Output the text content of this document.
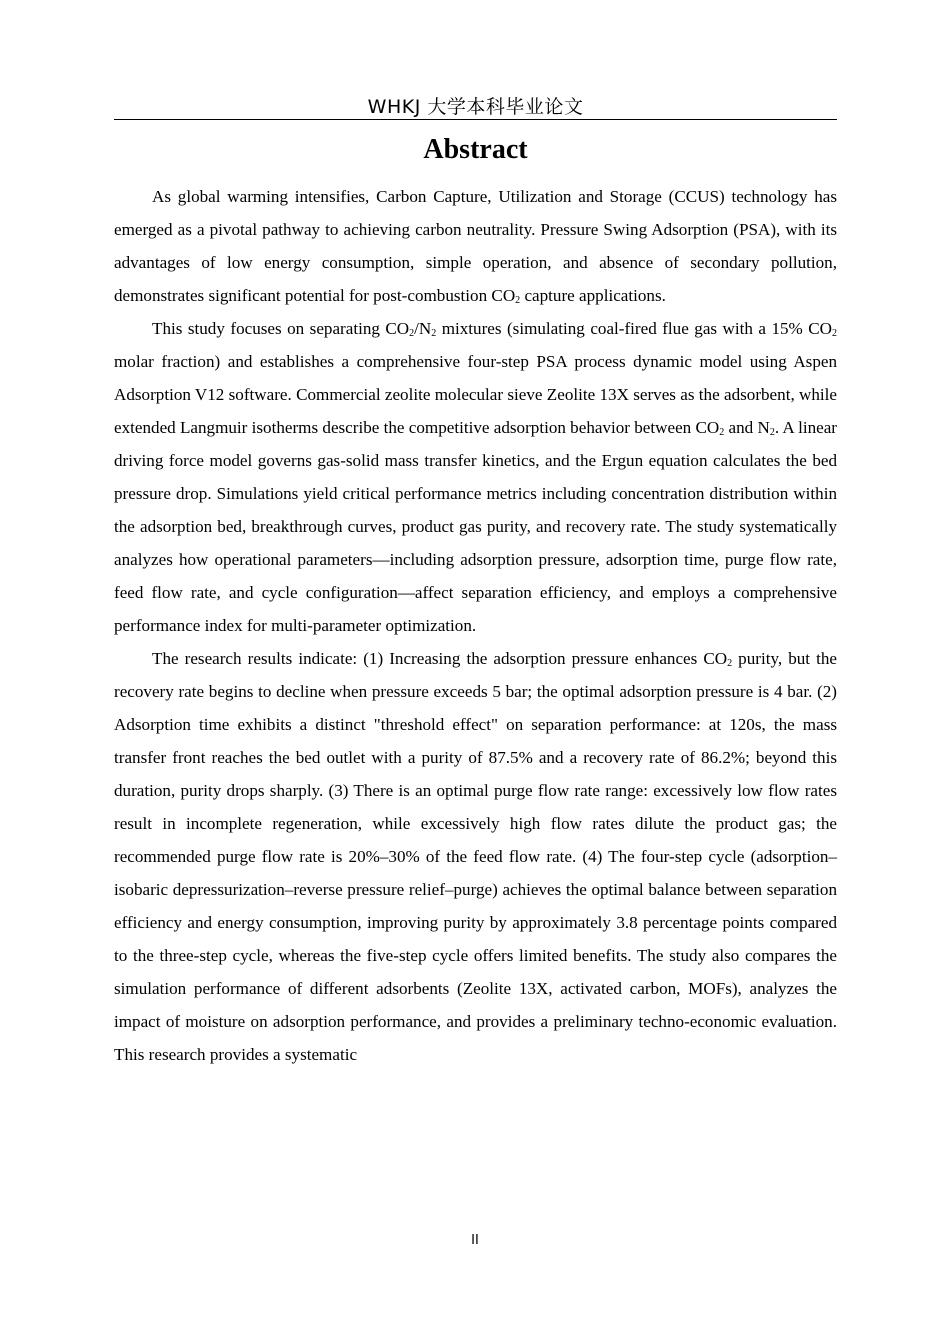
WHKJ 大学本科毕业论文
Abstract

As global warming intensifies, Carbon Capture, Utilization and Storage (CCUS) technology has emerged as a pivotal pathway to achieving carbon neutrality. Pressure Swing Adsorption (PSA), with its advantages of low energy consumption, simple operation, and absence of secondary pollution, demonstrates significant potential for post-combustion $CO_2$ capture applications.

This study focuses on separating $CO_2/N_2$ mixtures (simulating coal-fired flue gas with a 15% $CO_2$ molar fraction) and establishes a comprehensive four-step PSA process dynamic model using Aspen Adsorption V12 software. Commercial zeolite molecular sieve Zeolite 13X serves as the adsorbent, while extended Langmuir isotherms describe the competitive adsorption behavior between $CO_2$ and $N_2$. A linear driving force model governs gas-solid mass transfer kinetics, and the Ergun equation calculates the bed pressure drop. Simulations yield critical performance metrics including concentration distribution within the adsorption bed, breakthrough curves, product gas purity, and recovery rate. The study systematically analyzes how operational parameters—including adsorption pressure, adsorption time, purge flow rate, feed flow rate, and cycle configuration—affect separation efficiency, and employs a comprehensive performance index for multi-parameter optimization.

The research results indicate: (1) Increasing the adsorption pressure enhances $CO_2$ purity, but the recovery rate begins to decline when pressure exceeds 5 bar; the optimal adsorption pressure is 4 bar. (2) Adsorption time exhibits a distinct "threshold effect" on separation performance: at 120s, the mass transfer front reaches the bed outlet with a purity of 87.5% and a recovery rate of 86.2%; beyond this duration, purity drops sharply. (3) There is an optimal purge flow rate range: excessively low flow rates result in incomplete regeneration, while excessively high flow rates dilute the product gas; the recommended purge flow rate is 20%–30% of the feed flow rate. (4) The four-step cycle (adsorption–isobaric depressurization–reverse pressure relief–purge) achieves the optimal balance between separation efficiency and energy consumption, improving purity by approximately 3.8 percentage points compared to the three-step cycle, whereas the five-step cycle offers limited benefits. The study also compares the simulation performance of different adsorbents (Zeolite 13X, activated carbon, MOFs), analyzes the impact of moisture on adsorption performance, and provides a preliminary techno-economic evaluation. This research provides a systematic

II
